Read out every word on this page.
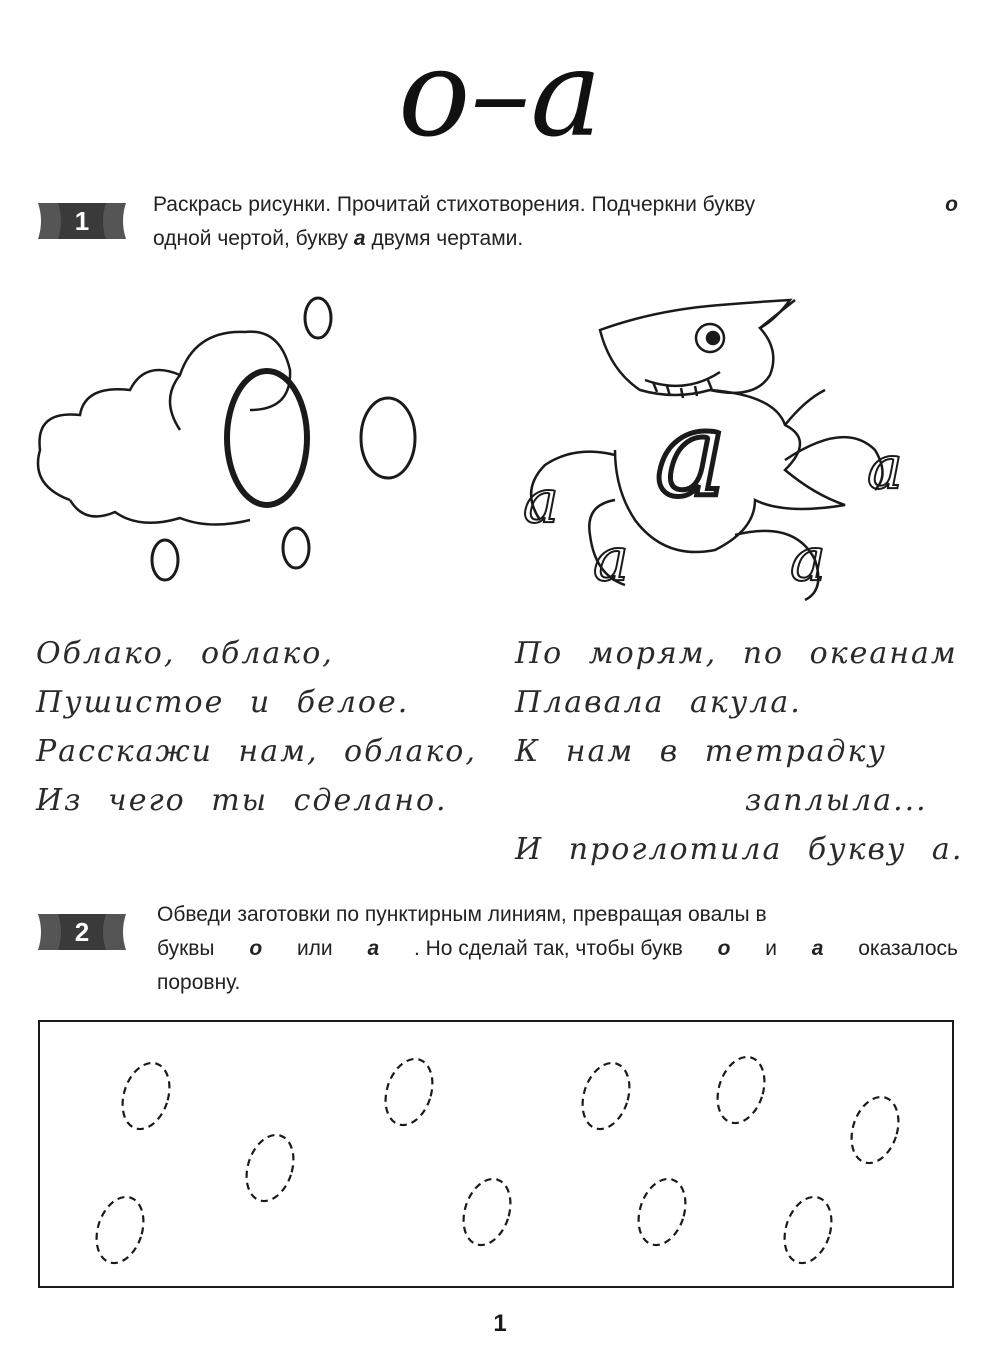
о–а
1
Раскрась рисунки. Прочитай стихотворения. Подчеркни букву	о
одной чертой, букву а двумя чертами.
a
a
a	a
a
Облако, облако,
Пушистое и белое.
Расскажи нам, облако,
Из чего ты сделано.
По морям, по океанам
Плавала акула.
К нам в тетрадку
заплыла...
И проглотила букву а.
2
Обведи заготовки по пунктирным линиям, превращая овалы в
буквы о или а . Но сделай так, чтобы букв о и а оказалось
поровну.
1
